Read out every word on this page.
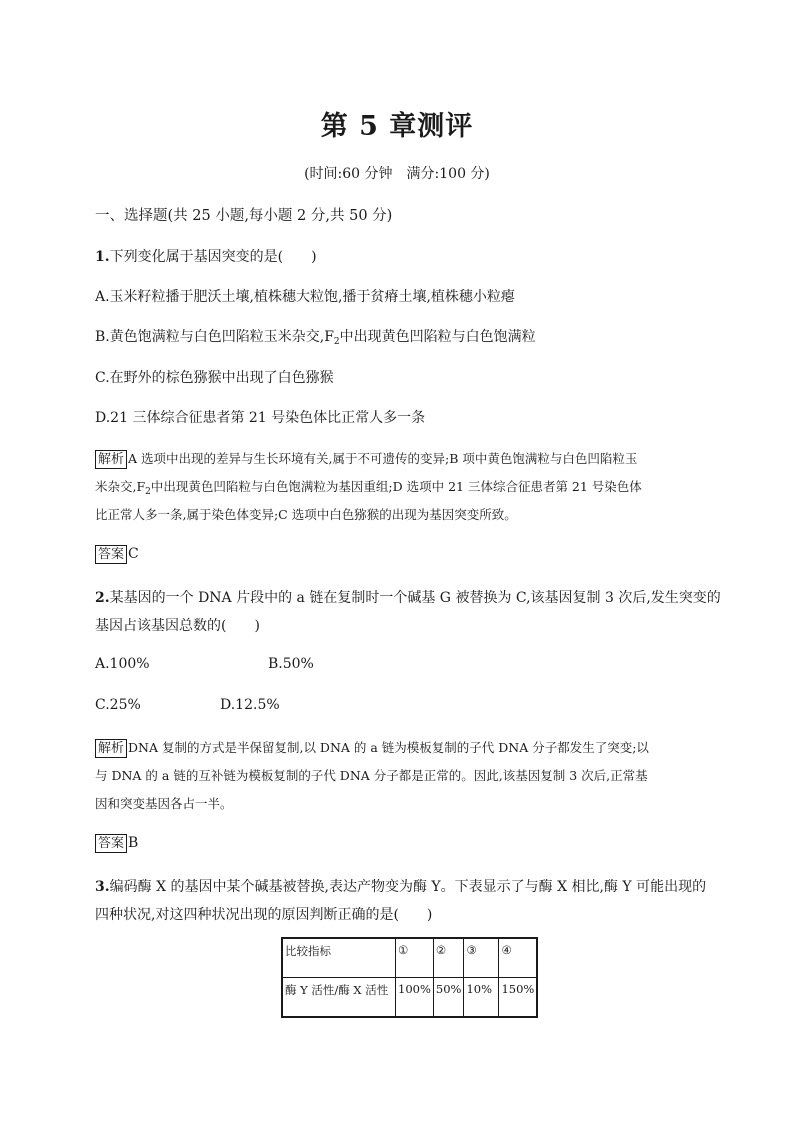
第 5 章测评
(时间:60 分钟　满分:100 分)
一、选择题(共 25 小题,每小题 2 分,共 50 分)
1.下列变化属于基因突变的是(　　)
A.玉米籽粒播于肥沃土壤,植株穗大粒饱,播于贫瘠土壤,植株穗小粒瘪
B.黄色饱满粒与白色凹陷粒玉米杂交$,F_2$中出现黄色凹陷粒与白色饱满粒
C.在野外的棕色猕猴中出现了白色猕猴
D.21 三体综合征患者第 21 号染色体比正常人多一条
解析 A 选项中出现的差异与生长环境有关,属于不可遗传的变异;B 项中黄色饱满粒与白色凹陷粒玉
米杂交$,F_2$中出现黄色凹陷粒与白色饱满粒为基因重组;D 选项中 21 三体综合征患者第 21 号染色体
比正常人多一条,属于染色体变异;C 选项中白色猕猴的出现为基因突变所致。
答案 C
2.某基因的一个 DNA 片段中的 a 链在复制时一个碱基 G 被替换为 C,该基因复制 3 次后,发生突变的
基因占该基因总数的(　　)
A.100%	B.50%
C.25%	D.12.5%
解析 DNA 复制的方式是半保留复制,以 DNA 的 a 链为模板复制的子代 DNA 分子都发生了突变;以
与 DNA 的 a 链的互补链为模板复制的子代 DNA 分子都是正常的。因此,该基因复制 3 次后,正常基
因和突变基因各占一半。
答案 B
3.编码酶 X 的基因中某个碱基被替换,表达产物变为酶 Y。下表显示了与酶 X 相比,酶 Y 可能出现的
四种状况,对这四种状况出现的原因判断正确的是(　　)
比较指标	①	②	③	④
酶 Y 活性/酶 X 活性	100%	50%	10%	150%
